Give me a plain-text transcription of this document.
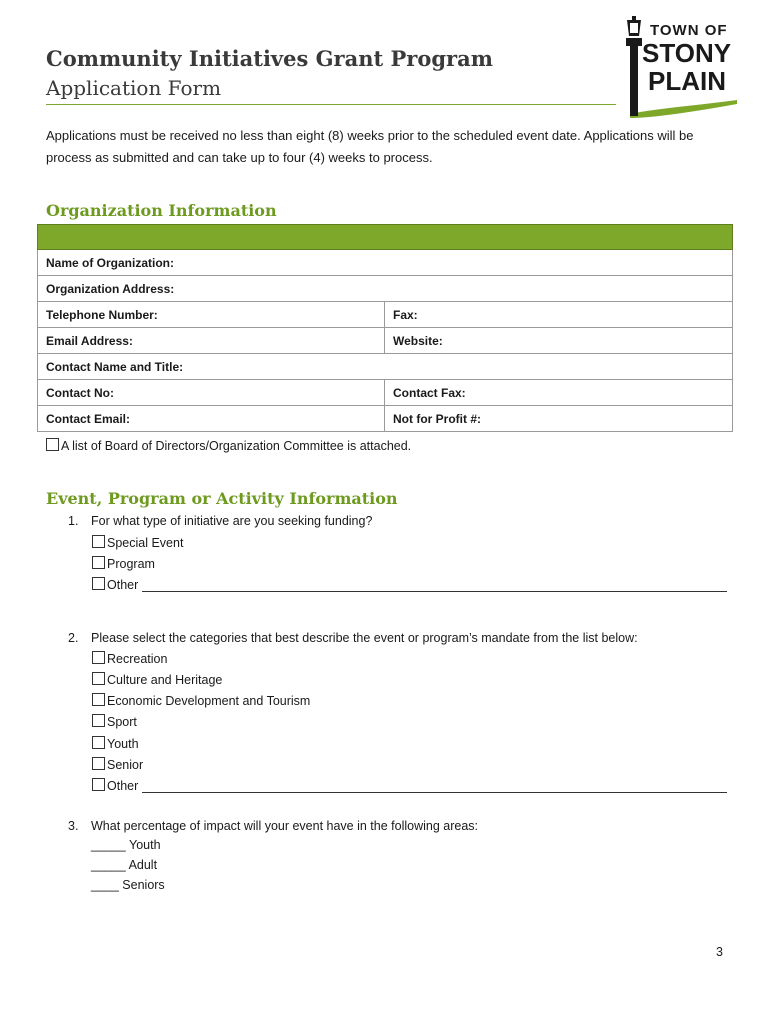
Community Initiatives Grant Program
Application Form
TOWN OF
STONY
PLAIN
Applications must be received no less than eight (8) weeks prior to the scheduled event date. Applications will be process as submitted and can take up to four (4) weeks to process.
Organization Information

Name of Organization:	
Organization Address:	
Telephone Number:	Fax:
Email Address:	Website:
Contact Name and Title:	
Contact No:	Contact Fax:
Contact Email:	Not for Profit #:
A list of Board of Directors/Organization Committee is attached.
Event, Program or Activity Information
1. For what type of initiative are you seeking funding?
Special Event
Program
Other
2. Please select the categories that best describe the event or program’s mandate from the list below:
Recreation
Culture and Heritage
Economic Development and Tourism
Sport
Youth
Senior
Other
3. What percentage of impact will your event have in the following areas:
_____ Youth
_____ Adult
____ Seniors
3
